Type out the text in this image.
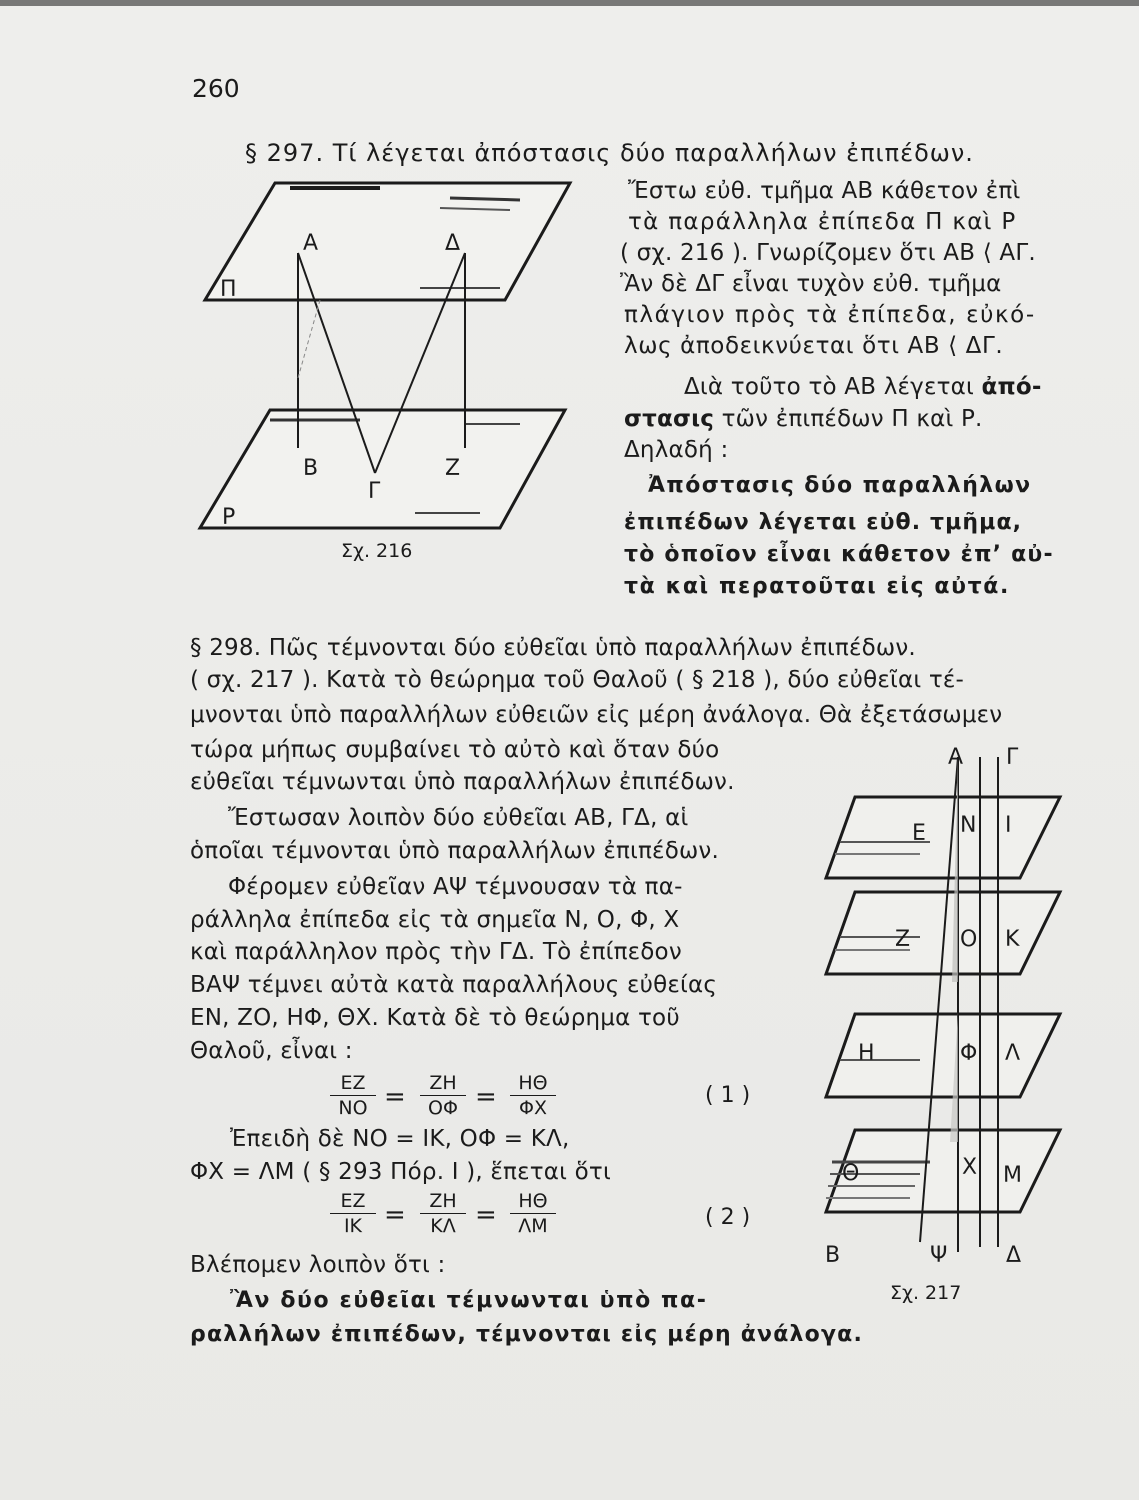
260
§ 297. Τί λέγεται ἀπόστασις δύο παραλλήλων ἐπιπέδων.
Ἔστω εὐθ. τμῆμα ΑΒ κάθετον ἐπὶ
τὰ παράλληλα ἐπίπεδα Π καὶ Ρ
( σχ. 216 ). Γνωρίζομεν ὅτι ΑΒ ⟨ ΑΓ.
Ἂν δὲ ΔΓ εἶναι τυχὸν εὐθ. τμῆμα
πλάγιον πρὸς τὰ ἐπίπεδα, εὐκό-
λως ἀποδεικνύεται ὅτι ΑΒ ⟨ ΔΓ.
Διὰ τοῦτο τὸ ΑΒ λέγεται ἀπό-
στασις τῶν ἐπιπέδων Π καὶ Ρ.
Δηλαδή :
Ἀπόστασις δύο παραλλήλων
ἐπιπέδων λέγεται εὐθ. τμῆμα,
τὸ ὁποῖον εἶναι κάθετον ἐπ’ αὐ-
τὰ καὶ περατοῦται εἰς αὐτά.
Α	Δ
Π
Β
Γ
Ζ
Ρ
Σχ. 216
§ 298. Πῶς τέμνονται δύο εὐθεῖαι ὑπὸ παραλλήλων ἐπιπέδων.
( σχ. 217 ). Κατὰ τὸ θεώρημα τοῦ Θαλοῦ ( § 218 ), δύο εὐθεῖαι τέ-
μνονται ὑπὸ παραλλήλων εὐθειῶν εἰς μέρη ἀνάλογα. Θὰ ἐξετάσωμεν
τώρα μήπως συμβαίνει τὸ αὐτὸ καὶ ὅταν δύο
εὐθεῖαι τέμνωνται ὑπὸ παραλλήλων ἐπιπέδων.
Ἔστωσαν λοιπὸν δύο εὐθεῖαι ΑΒ, ΓΔ, αἱ
ὁποῖαι τέμνονται ὑπὸ παραλλήλων ἐπιπέδων.
Φέρομεν εὐθεῖαν ΑΨ τέμνουσαν τὰ πα-
ράλληλα ἐπίπεδα εἰς τὰ σημεῖα Ν, Ο, Φ, Χ
καὶ παράλληλον πρὸς τὴν ΓΔ. Τὸ ἐπίπεδον
ΒΑΨ τέμνει αὐτὰ κατὰ παραλλήλους εὐθείας
ΕΝ, ΖΟ, ΗΦ, ΘΧ. Κατὰ δὲ τὸ θεώρημα τοῦ
Θαλοῦ, εἶναι :
$\frac{EZ}{NO} = \frac{ZH}{O\Phi} = \frac{H\Theta}{\Phi X}$	( 1 )
Ἐπειδὴ δὲ ΝΟ = ΙΚ, ΟΦ = ΚΛ,
ΦΧ = ΛΜ ( § 293 Πόρ. Ι ), ἕπεται ὅτι
$\frac{EZ}{IK} = \frac{ZH}{K\Lambda} = \frac{H\Theta}{\Lambda M}$	( 2 )
Βλέπομεν λοιπὸν ὅτι :
Ἂν δύο εὐθεῖαι τέμνωνται ὑπὸ πα-
ραλλήλων ἐπιπέδων, τέμνονται εἰς μέρη ἀνάλογα.
Α Γ
Ε Ν Ι
Ζ Ο Κ
Η	Φ Λ
Θ	Χ Μ
Β	Ψ	Δ
Σχ. 217
